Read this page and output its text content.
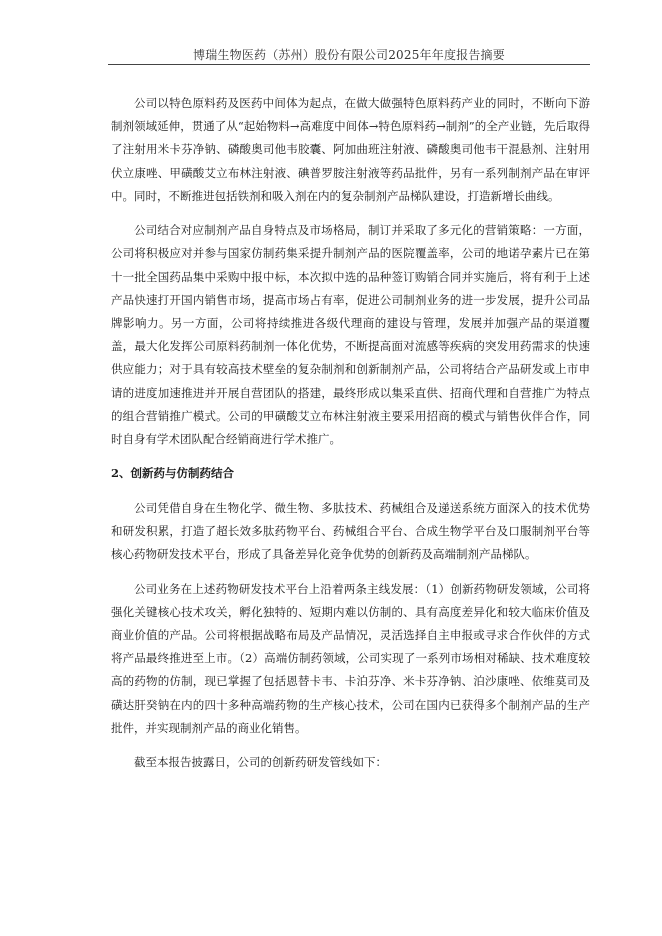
博瑞生物医药（苏州）股份有限公司2025年年度报告摘要

公司以特色原料药及医药中间体为起点，在做大做强特色原料药产业的同时，不断向下游制剂领域延伸，贯通了从“起始物料→高难度中间体→特色原料药→制剂”的全产业链，先后取得了注射用米卡芬净钠、磷酸奥司他韦胶囊、阿加曲班注射液、磷酸奥司他韦干混悬剂、注射用伏立康唑、甲磺酸艾立布林注射液、碘普罗胺注射液等药品批件，另有一系列制剂产品在审评中。同时，不断推进包括铁剂和吸入剂在内的复杂制剂产品梯队建设，打造新增长曲线。

公司结合对应制剂产品自身特点及市场格局，制订并采取了多元化的营销策略：一方面，公司将积极应对并参与国家仿制药集采提升制剂产品的医院覆盖率，公司的地诺孕素片已在第十一批全国药品集中采购中报中标，本次拟中选的品种签订购销合同并实施后，将有利于上述产品快速打开国内销售市场，提高市场占有率，促进公司制剂业务的进一步发展，提升公司品牌影响力。另一方面，公司将持续推进各级代理商的建设与管理，发展并加强产品的渠道覆盖，最大化发挥公司原料药制剂一体化优势，不断提高面对流感等疾病的突发用药需求的快速供应能力；对于具有较高技术壁垒的复杂制剂和创新制剂产品，公司将结合产品研发或上市申请的进度加速推进并开展自营团队的搭建，最终形成以集采直供、招商代理和自营推广为特点的组合营销推广模式。公司的甲磺酸艾立布林注射液主要采用招商的模式与销售伙伴合作，同时自身有学术团队配合经销商进行学术推广。

2、创新药与仿制药结合

公司凭借自身在生物化学、微生物、多肽技术、药械组合及递送系统方面深入的技术优势和研发积累，打造了超长效多肽药物平台、药械组合平台、合成生物学平台及口服制剂平台等核心药物研发技术平台，形成了具备差异化竞争优势的创新药及高端制剂产品梯队。

公司业务在上述药物研发技术平台上沿着两条主线发展：（1）创新药物研发领域，公司将强化关键核心技术攻关，孵化独特的、短期内难以仿制的、具有高度差异化和较大临床价值及商业价值的产品。公司将根据战略布局及产品情况，灵活选择自主申报或寻求合作伙伴的方式将产品最终推进至上市。（2）高端仿制药领域，公司实现了一系列市场相对稀缺、技术难度较高的药物的仿制，现已掌握了包括恩替卡韦、卡泊芬净、米卡芬净钠、泊沙康唑、依维莫司及磺达肝癸钠在内的四十多种高端药物的生产核心技术，公司在国内已获得多个制剂产品的生产批件，并实现制剂产品的商业化销售。

截至本报告披露日，公司的创新药研发管线如下：
